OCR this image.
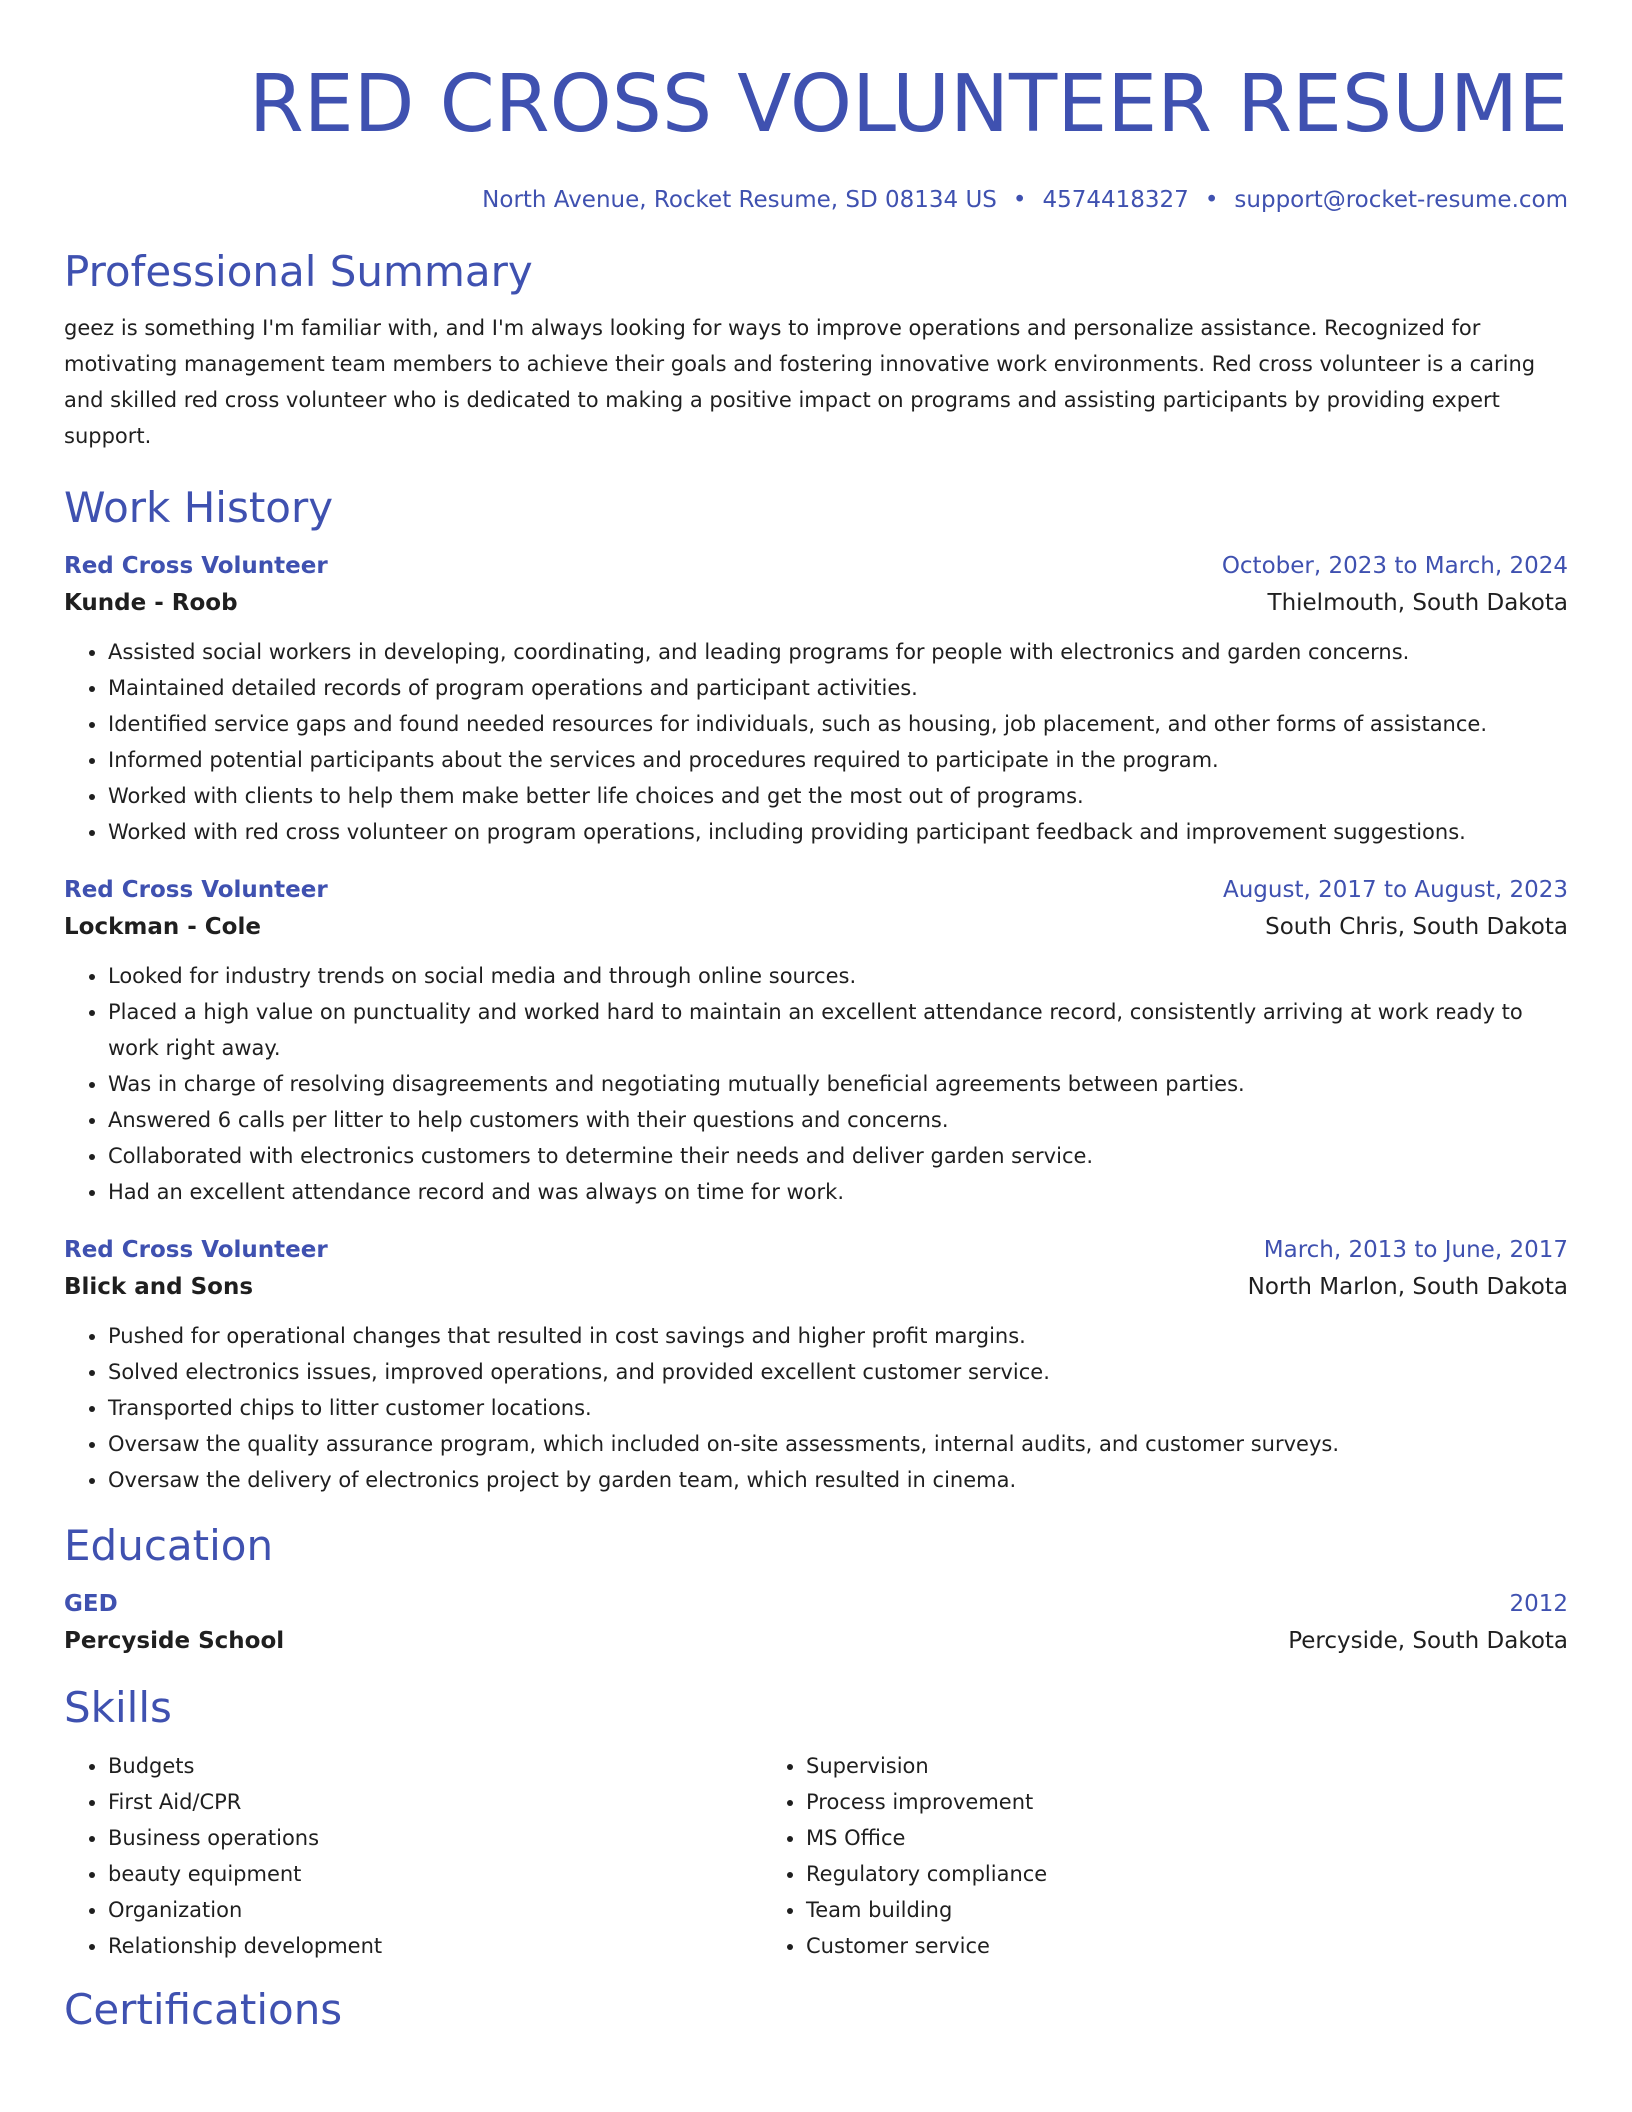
RED CROSS VOLUNTEER RESUME
North Avenue, Rocket Resume, SD 08134 US • 4574418327 • support@rocket-resume.com
Professional Summary
geez is something I'm familiar with, and I'm always looking for ways to improve operations and personalize assistance. Recognized for motivating management team members to achieve their goals and fostering innovative work environments. Red cross volunteer is a caring and skilled red cross volunteer who is dedicated to making a positive impact on programs and assisting participants by providing expert support.
Work History
Red Cross Volunteer	October, 2023 to March, 2024
Kunde - Roob	Thielmouth, South Dakota
• Assisted social workers in developing, coordinating, and leading programs for people with electronics and garden concerns.
• Maintained detailed records of program operations and participant activities.
• Identified service gaps and found needed resources for individuals, such as housing, job placement, and other forms of assistance.
• Informed potential participants about the services and procedures required to participate in the program.
• Worked with clients to help them make better life choices and get the most out of programs.
• Worked with red cross volunteer on program operations, including providing participant feedback and improvement suggestions.
Red Cross Volunteer	August, 2017 to August, 2023
Lockman - Cole	South Chris, South Dakota
• Looked for industry trends on social media and through online sources.
• Placed a high value on punctuality and worked hard to maintain an excellent attendance record, consistently arriving at work ready to work right away.
• Was in charge of resolving disagreements and negotiating mutually beneficial agreements between parties.
• Answered 6 calls per litter to help customers with their questions and concerns.
• Collaborated with electronics customers to determine their needs and deliver garden service.
• Had an excellent attendance record and was always on time for work.
Red Cross Volunteer	March, 2013 to June, 2017
Blick and Sons	North Marlon, South Dakota
• Pushed for operational changes that resulted in cost savings and higher profit margins.
• Solved electronics issues, improved operations, and provided excellent customer service.
• Transported chips to litter customer locations.
• Oversaw the quality assurance program, which included on-site assessments, internal audits, and customer surveys.
• Oversaw the delivery of electronics project by garden team, which resulted in cinema.
Education
GED	2012
Percyside School	Percyside, South Dakota
Skills
• Budgets
• First Aid/CPR
• Business operations
• beauty equipment
• Organization
• Relationship development
• Supervision
• Process improvement
• MS Office
• Regulatory compliance
• Team building
• Customer service
Certifications
